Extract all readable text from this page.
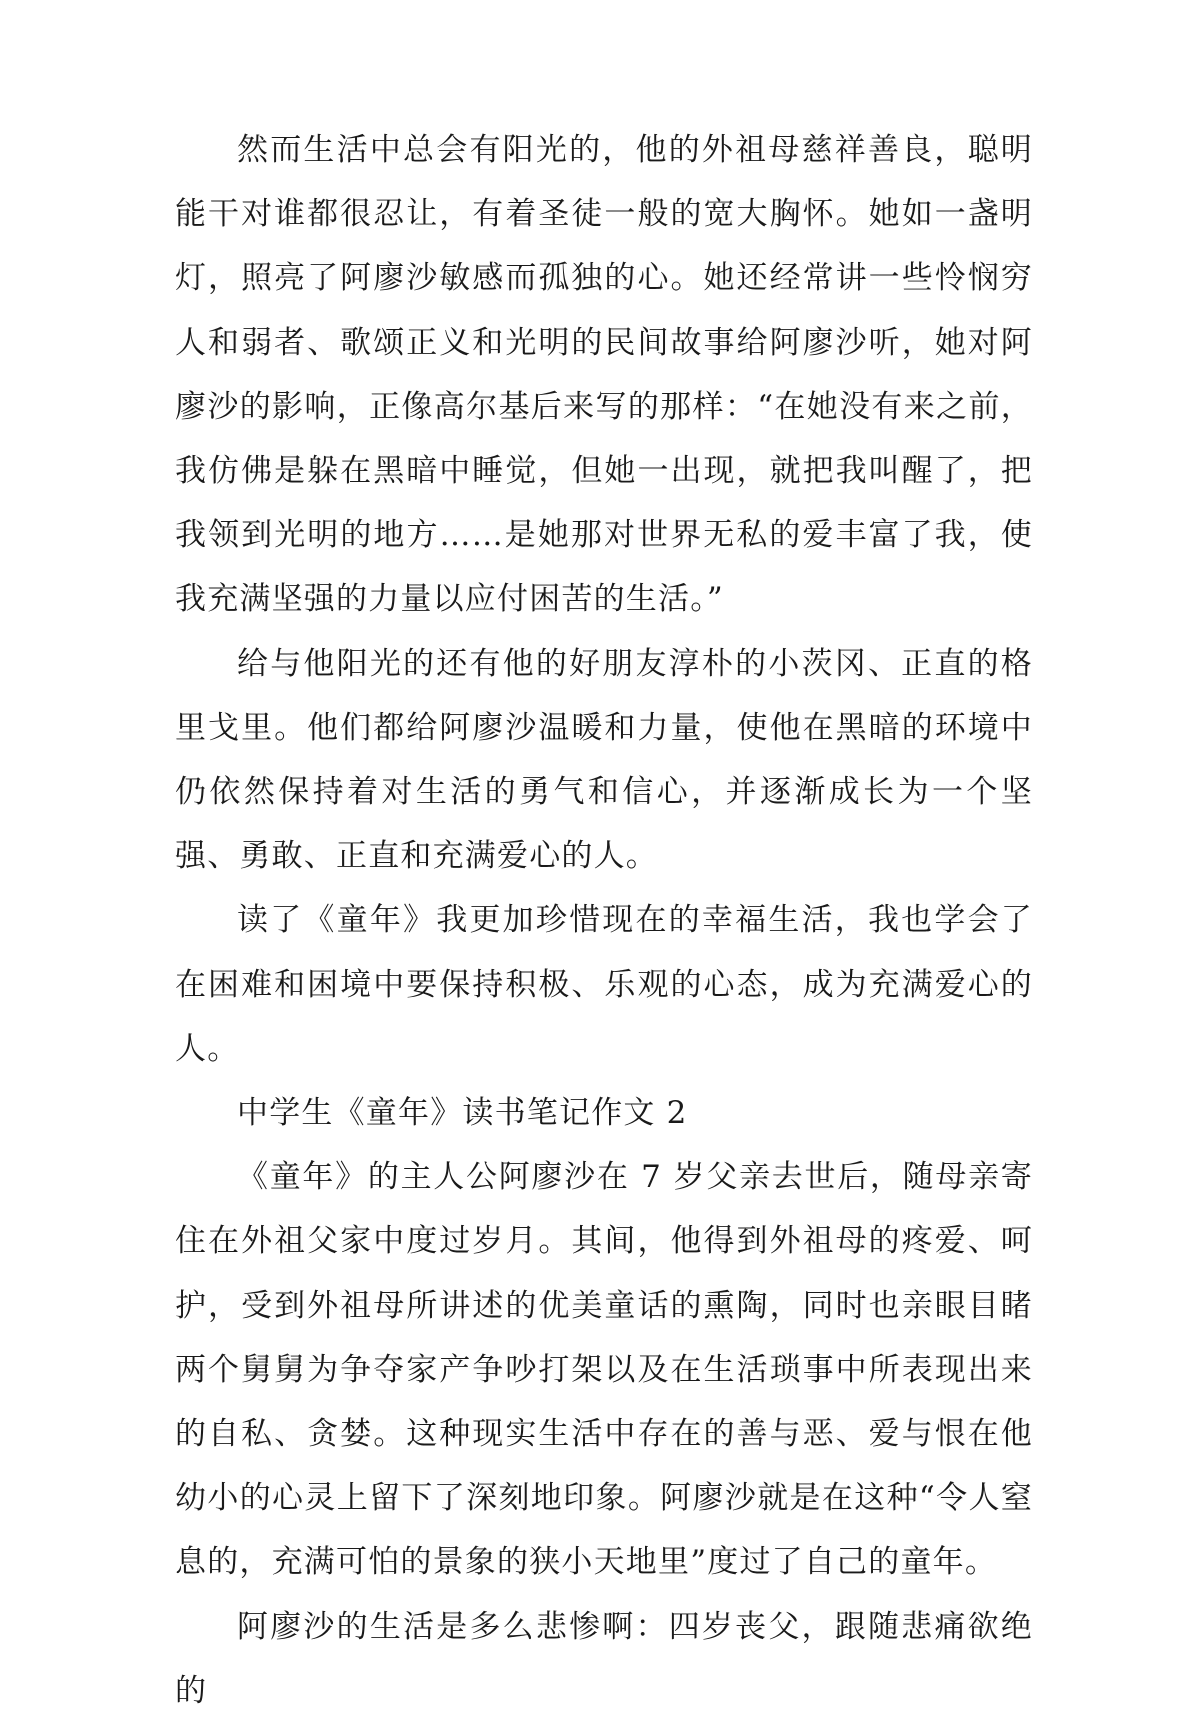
然而生活中总会有阳光的，他的外祖母慈祥善良，聪明能干对谁都很忍让，有着圣徒一般的宽大胸怀。她如一盏明灯，照亮了阿廖沙敏感而孤独的心。她还经常讲一些怜悯穷人和弱者、歌颂正义和光明的民间故事给阿廖沙听，她对阿廖沙的影响，正像高尔基后来写的那样：“在她没有来之前，我仿佛是躲在黑暗中睡觉，但她一出现，就把我叫醒了，把我领到光明的地方……是她那对世界无私的爱丰富了我，使我充满坚强的力量以应付困苦的生活。”

给与他阳光的还有他的好朋友淳朴的小茨冈、正直的格里戈里。他们都给阿廖沙温暖和力量，使他在黑暗的环境中仍依然保持着对生活的勇气和信心，并逐渐成长为一个坚强、勇敢、正直和充满爱心的人。

读了《童年》我更加珍惜现在的幸福生活，我也学会了在困难和困境中要保持积极、乐观的心态，成为充满爱心的人。

中学生《童年》读书笔记作文 2

《童年》的主人公阿廖沙在 7 岁父亲去世后，随母亲寄住在外祖父家中度过岁月。其间，他得到外祖母的疼爱、呵护，受到外祖母所讲述的优美童话的熏陶，同时也亲眼目睹两个舅舅为争夺家产争吵打架以及在生活琐事中所表现出来的自私、贪婪。这种现实生活中存在的善与恶、爱与恨在他幼小的心灵上留下了深刻地印象。阿廖沙就是在这种“令人窒息的，充满可怕的景象的狭小天地里”度过了自己的童年。

阿廖沙的生活是多么悲惨啊：四岁丧父，跟随悲痛欲绝的
